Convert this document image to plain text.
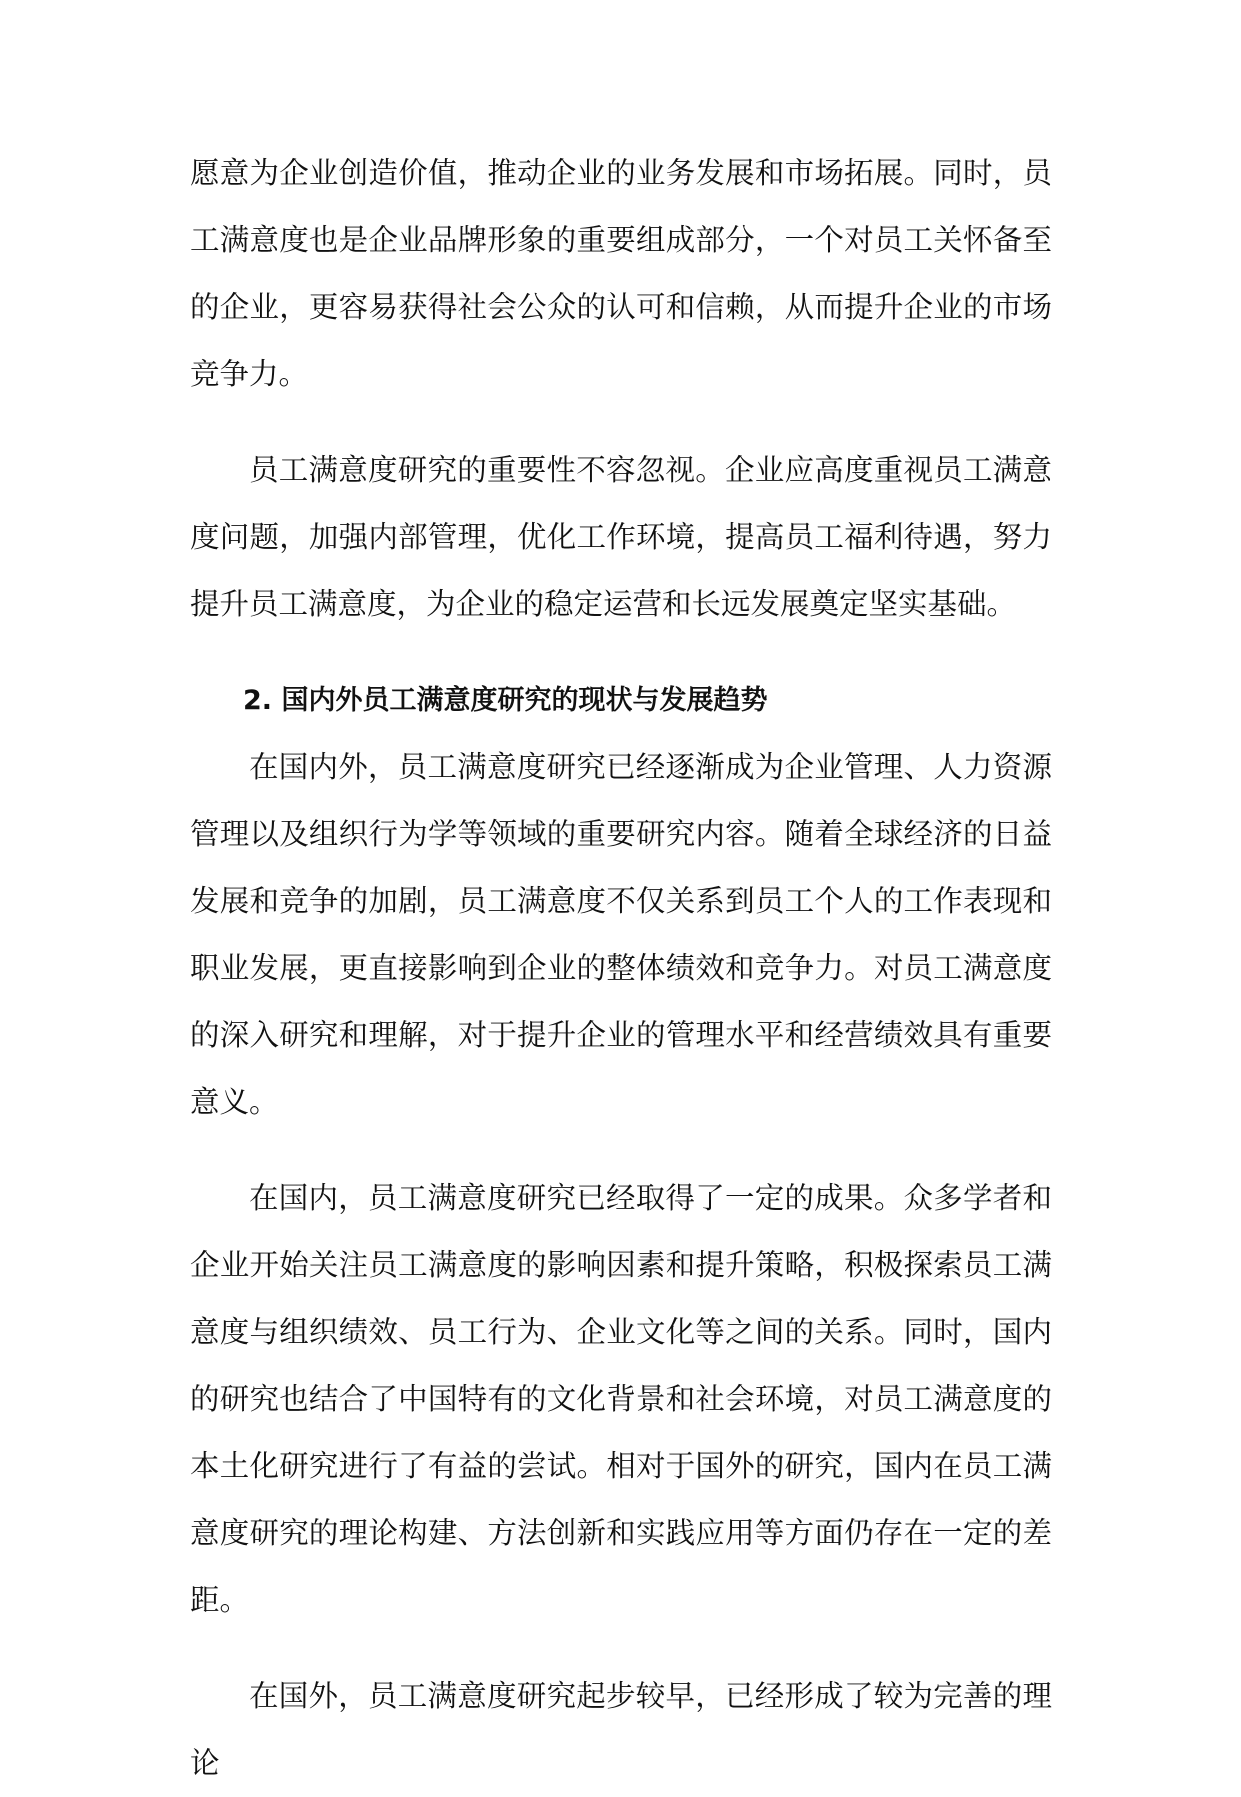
愿意为企业创造价值，推动企业的业务发展和市场拓展。同时，员工满意度也是企业品牌形象的重要组成部分，一个对员工关怀备至的企业，更容易获得社会公众的认可和信赖，从而提升企业的市场竞争力。

员工满意度研究的重要性不容忽视。企业应高度重视员工满意度问题，加强内部管理，优化工作环境，提高员工福利待遇，努力提升员工满意度，为企业的稳定运营和长远发展奠定坚实基础。

2. 国内外员工满意度研究的现状与发展趋势

在国内外，员工满意度研究已经逐渐成为企业管理、人力资源管理以及组织行为学等领域的重要研究内容。随着全球经济的日益发展和竞争的加剧，员工满意度不仅关系到员工个人的工作表现和职业发展，更直接影响到企业的整体绩效和竞争力。对员工满意度的深入研究和理解，对于提升企业的管理水平和经营绩效具有重要意义。

在国内，员工满意度研究已经取得了一定的成果。众多学者和企业开始关注员工满意度的影响因素和提升策略，积极探索员工满意度与组织绩效、员工行为、企业文化等之间的关系。同时，国内的研究也结合了中国特有的文化背景和社会环境，对员工满意度的本土化研究进行了有益的尝试。相对于国外的研究，国内在员工满意度研究的理论构建、方法创新和实践应用等方面仍存在一定的差距。

在国外，员工满意度研究起步较早，已经形成了较为完善的理论
